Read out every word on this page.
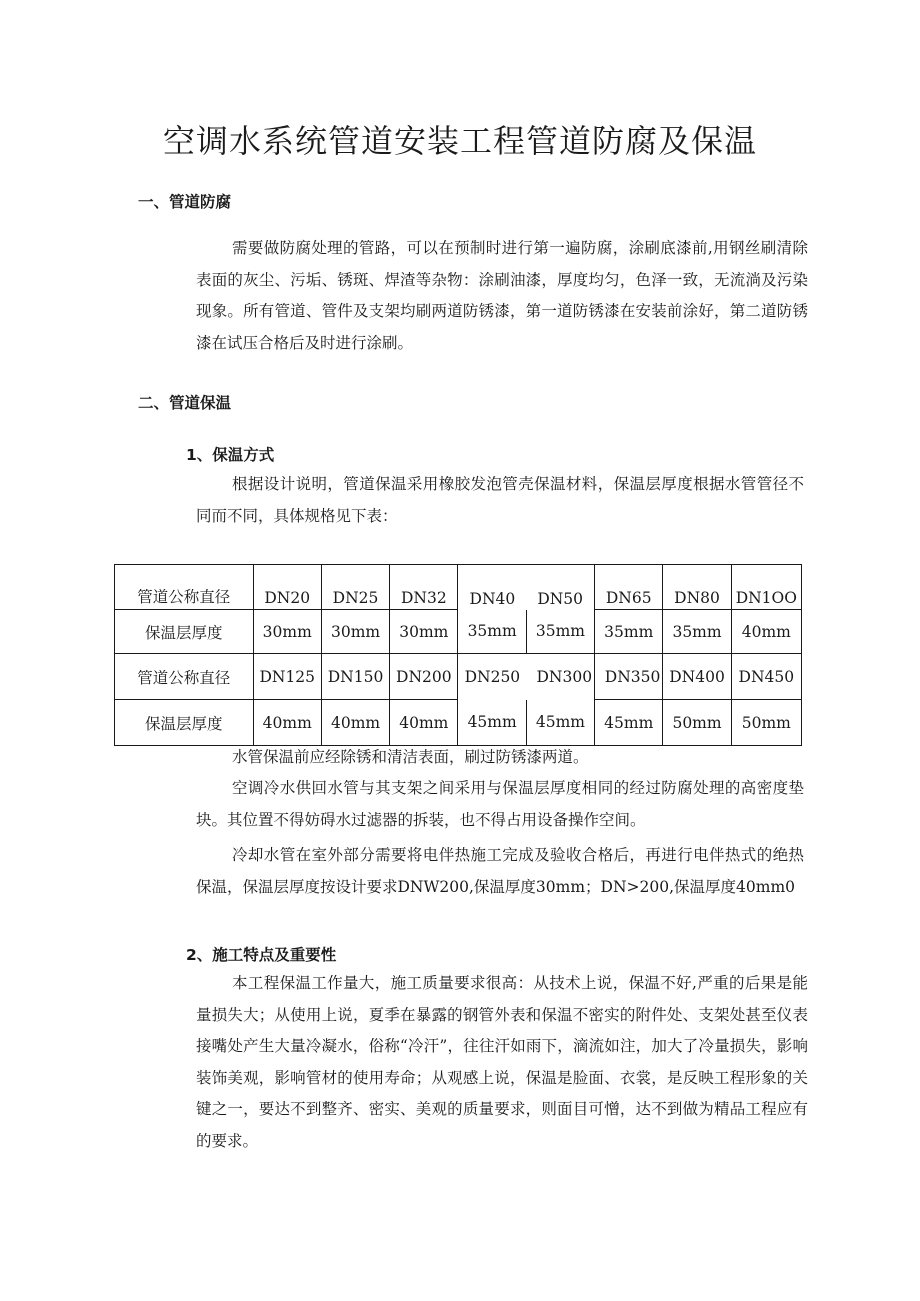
空调水系统管道安装工程管道防腐及保温
一、管道防腐

需要做防腐处理的管路，可以在预制时进行第一遍防腐，涂刷底漆前,用钢丝刷清除表面的灰尘、污垢、锈斑、焊渣等杂物：涂刷油漆，厚度均匀，色泽一致，无流淌及污染现象。所有管道、管件及支架均刷两道防锈漆，第一道防锈漆在安装前涂好，第二道防锈漆在试压合格后及时进行涂刷。

二、管道保温
1、保温方式

根据设计说明，管道保温采用橡胶发泡管壳保温材料，保温层厚度根据水管管径不同而不同，具体规格见下表：

管道公称直径	DN20	DN25	DN32	DN40	DN50	DN65	DN80	DN1OO
保温层厚度	30mm	30mm	30mm	35mm	35mm	35mm	35mm	40mm
管道公称直径	DN125	DN150	DN200	DN250	DN300	DN350	DN400	DN450
保温层厚度	40mm	40mm	40mm	45mm	45mm	45mm	50mm	50mm

水管保温前应经除锈和清洁表面，刷过防锈漆两道。

空调冷水供回水管与其支架之间采用与保温层厚度相同的经过防腐处理的高密度垫块。其位置不得妨碍水过滤器的拆装，也不得占用设备操作空间。

冷却水管在室外部分需要将电伴热施工完成及验收合格后，再进行电伴热式的绝热保温，保温层厚度按设计要求DNW200,保温厚度30mm；DN>200,保温厚度40mm0

2、施工特点及重要性

本工程保温工作量大，施工质量要求很高：从技术上说，保温不好,严重的后果是能量损失大；从使用上说，夏季在暴露的钢管外表和保温不密实的附件处、支架处甚至仪表接嘴处产生大量冷凝水，俗称“冷汗”，往往汗如雨下，滴流如注，加大了冷量损失，影响装饰美观，影响管材的使用寿命；从观感上说，保温是脸面、衣裳，是反映工程形象的关键之一，要达不到整齐、密实、美观的质量要求，则面目可憎，达不到做为精品工程应有的要求。
